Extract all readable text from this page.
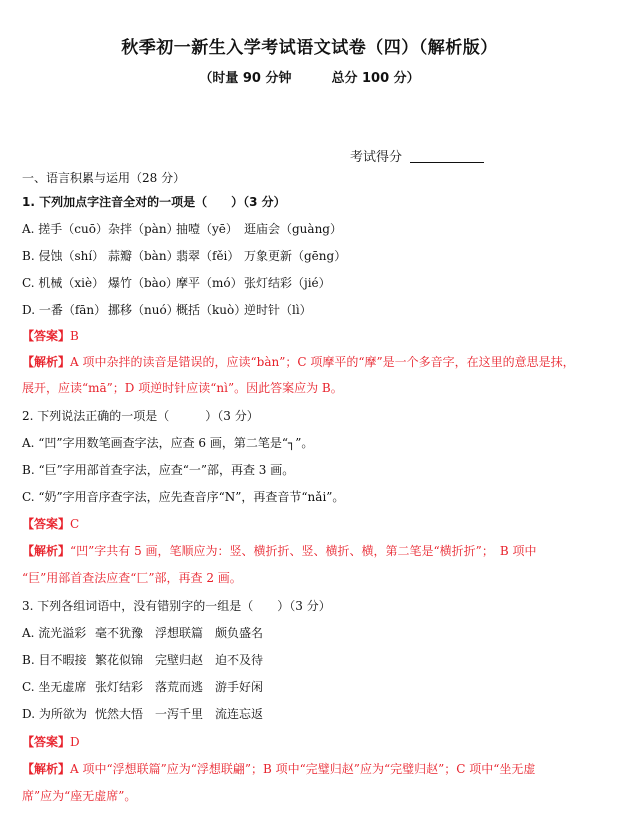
秋季初一新生入学考试语文试卷（四）（解析版）
（时量 90 分钟	总分 100 分）
考试得分
一、语言积累与运用（28 分）
1. 下列加点字注音全对的一项是（　　）（3 分）
A. 搓手（cuō）杂拌（pàn）抽噎（yē） 逛庙会（guàng）
B. 侵蚀（shí） 蒜瓣（bàn）翡翠（fěi） 万象更新（gēng）
C. 机械（xiè） 爆竹（bào）摩平（mó）张灯结彩（jié）
D. 一番（fān） 挪移（nuó）概括（kuò）逆时针（lì）
【答案】B
【解析】A 项中杂拌的读音是错误的，应读“bàn”；C 项摩平的“摩”是一个多音字，在这里的意思是抹，
展开，应读“mā”；D 项逆时针应读“nì”。因此答案应为 B。
2. 下列说法正确的一项是（　　　）（3 分）
A. “凹”字用数笔画查字法，应查 6 画，第二笔是“┐”。
B. “巨”字用部首查字法，应查“一”部，再查 3 画。
C. “奶”字用音序查字法，应先查音序“N”，再查音节“nǎi”。
【答案】C
【解析】“凹”字共有 5 画，笔顺应为：竖、横折折、竖、横折、横，第二笔是“横折折”；　B 项中
“巨”用部首查法应查“匚”部，再查 2 画。
3. 下列各组词语中，没有错别字的一组是（　　）（3 分）
A. 流光溢彩 毫不犹豫 浮想联篇 颇负盛名
B. 目不暇接 繁花似锦 完壁归赵 迫不及待
C. 坐无虚席 张灯结彩 落荒而逃 游手好闲
D. 为所欲为 恍然大悟 一泻千里 流连忘返
【答案】D
【解析】A 项中“浮想联篇”应为“浮想联翩”；B 项中“完璧归赵”应为“完璧归赵”；C 项中“坐无虚
席”应为“座无虚席”。
